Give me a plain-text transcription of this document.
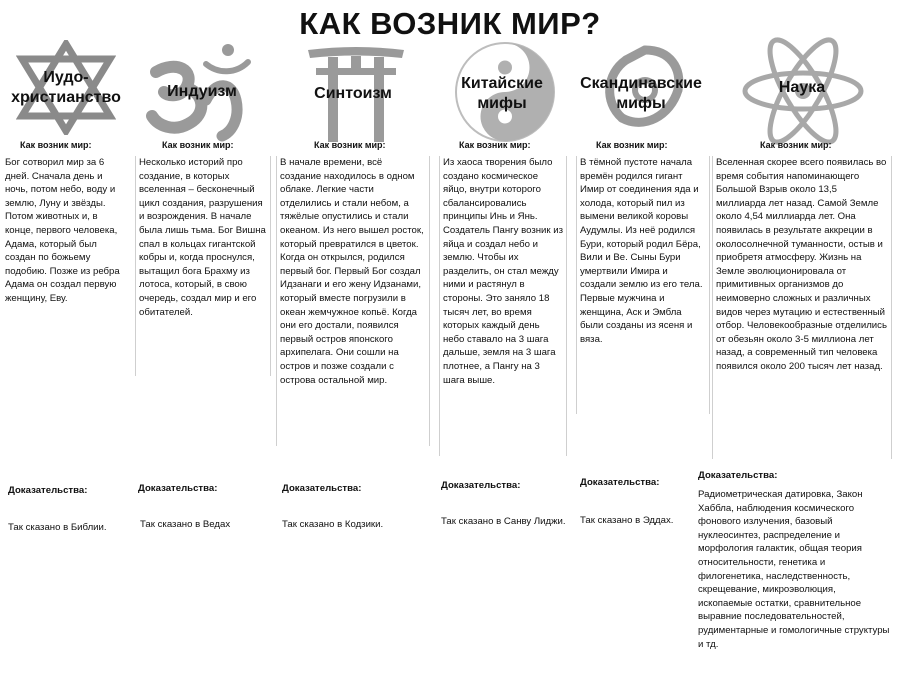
КАК ВОЗНИК МИР?
Иудо-
христианство
Как возник мир:
Бог сотворил мир за 6 дней. Сначала день и ночь, потом небо, воду и землю, Луну и звёзды. Потом животных и, в конце, первого человека, Адама, который был создан по божьему подобию. Позже из ребра Адама он создал первую женщину, Еву.
Доказательства:
Так сказано в Библии.
Индуизм
Как возник мир:
Несколько историй про создание, в которых вселенная – бесконечный цикл создания, разрушения и возрождения. В начале была лишь тьма. Бог Вишна спал в кольцах гигантской кобры и, когда проснулся, вытащил бога Брахму из лотоса, который, в свою очередь, создал мир и его обитателей.
Доказательства:
Так сказано в Ведах
Синтоизм
Как возник мир:
В начале времени, всё создание находилось в одном облаке. Легкие части отделились и стали небом, а тяжёлые опустились и стали океаном. Из него вышел росток, который превратился в цветок. Когда он открылся, родился первый бог. Первый Бог создал Идзанаги и его жену Идзанами, который вместе погрузили в океан жемчужное копьё. Когда они его достали, появился первый остров японского архипелага. Они сошли на остров и позже создали с острова остальной мир.
Доказательства:
Так сказано в Кодзики.
Китайские
мифы
Как возник мир:
Из хаоса творения было создано космическое яйцо, внутри которого сбалансировались принципы Инь и Янь. Создатель Пангу возник из яйца и создал небо и землю. Чтобы их разделить, он стал между ними и растянул в стороны. Это заняло 18 тысяч лет, во время которых каждый день небо ставало на 3 шага дальше, земля на 3 шага плотнее, а Пангу на 3 шага выше.
Доказательства:
Так сказано в Санву Лиджи.
Скандинавские
мифы
Как возник мир:
В тёмной пустоте начала времён родился гигант Имир от соединения яда и холода, который пил из вымени великой коровы Аудумлы. Из неё родился Бури, который родил Бёра, Вили и Ве. Сыны Бури умертвили Имира и создали землю из его тела. Первые мужчина и женщина, Аск и Эмбла были созданы из ясеня и вяза.
Доказательства:
Так сказано в Эддах.
Наука
Как возник мир:
Вселенная скорее всего появилась во время события напоминающего Большой Взрыв около 13,5 миллиарда лет назад. Самой Земле около 4,54 миллиарда лет. Она появилась в результате аккреции в околосолнечной туманности, остыв и приобретя атмосферу. Жизнь на Земле эволюционировала от примитивных организмов до неимоверно сложных и различных видов через мутацию и естественный отбор. Человекообразные отделились от обезьян около 3-5 миллиона лет назад, а современный тип человека появился около 200 тысяч лет назад.
Доказательства:
Радиометрическая датировка, Закон Хаббла, наблюдения космического фонового излучения, базовый нуклеосинтез, распределение и морфология галактик, общая теория относительности, генетика и филогенетика, наследственность, скрещевание, микроэволюция, ископаемые остатки, сравнительное выравние последовательностей, рудиментарные и гомологичные структуры и тд.
